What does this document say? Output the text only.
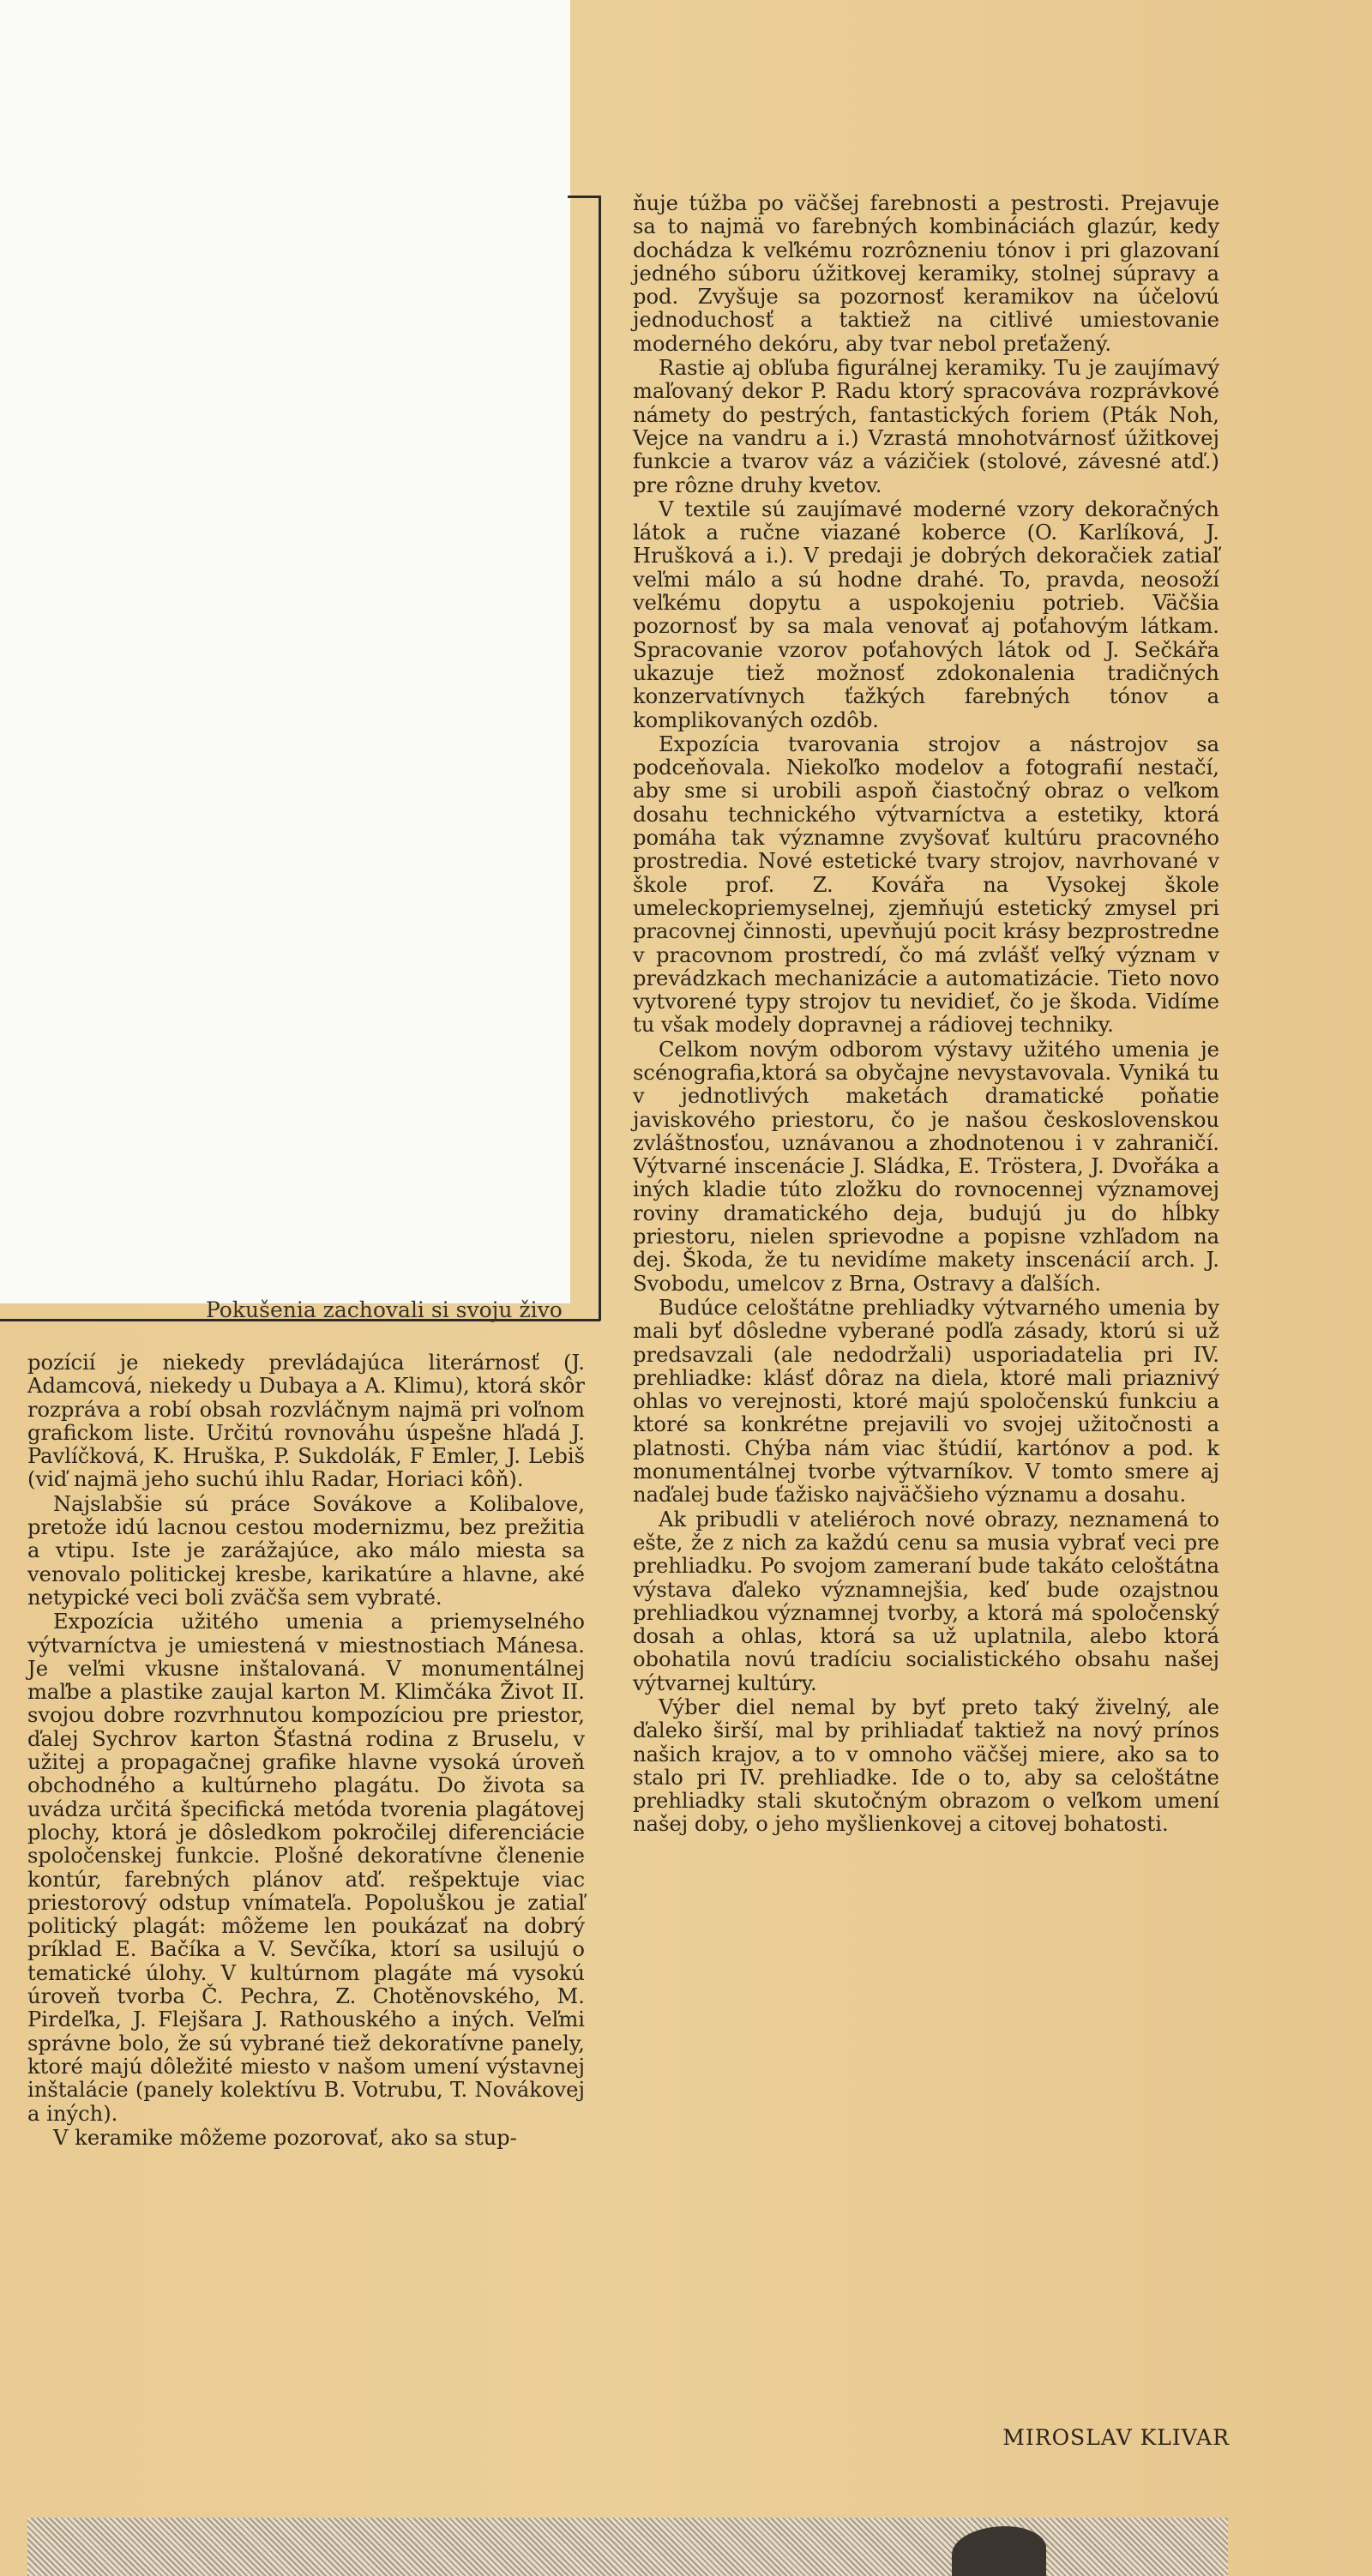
Pokušenia zachovali si svoju živo

pozícií je niekedy prevládajúca literárnosť (J. Adamcová, niekedy u Dubaya a A. Klimu), ktorá skôr rozpráva a robí obsah rozvláčnym najmä pri voľnom grafickom liste. Určitú rovnováhu úspešne hľadá J. Pavlíčková, K. Hruška, P. Sukdolák, F Emler, J. Lebiš (viď najmä jeho suchú ihlu Radar, Horiaci kôň).

Najslabšie sú práce Sovákove a Kolibalove, pretože idú lacnou cestou modernizmu, bez prežitia a vtipu. Iste je zarážajúce, ako málo miesta sa venovalo politickej kresbe, karikatúre a hlavne, aké netypické veci boli zväčša sem vybraté.

Expozícia užitého umenia a priemyselného výtvarníctva je umiestená v miestnostiach Mánesa. Je veľmi vkusne inštalovaná. V monumentálnej maľbe a plastike zaujal karton M. Klimčáka Život II. svojou dobre rozvrhnutou kompozíciou pre priestor, ďalej Sychrov karton Šťastná rodina z Bruselu, v užitej a propagačnej grafike hlavne vysoká úroveň obchodného a kultúrneho plagátu. Do života sa uvádza určitá špecifická metóda tvorenia plagátovej plochy, ktorá je dôsledkom pokročilej diferenciácie spoločenskej funkcie. Plošné dekoratívne členenie kontúr, farebných plánov atď. rešpektuje viac priestorový odstup vnímateľa. Popoluškou je zatiaľ politický plagát: môžeme len poukázať na dobrý príklad E. Bačíka a V. Sevčíka, ktorí sa usilujú o tematické úlohy. V kultúrnom plagáte má vysokú úroveň tvorba Č. Pechra, Z. Chotěnovského, M. Pirdeľka, J. Flejšara J. Rathouského a iných. Veľmi správne bolo, že sú vybrané tiež dekoratívne panely, ktoré majú dôležité miesto v našom umení výstavnej inštalácie (panely kolektívu B. Votrubu, T. Novákovej a iných).

V keramike môžeme pozorovať, ako sa stup-

ňuje túžba po väčšej farebnosti a pestrosti. Prejavuje sa to najmä vo farebných kombináciách glazúr, kedy dochádza k veľkému rozrôzneniu tónov i pri glazovaní jedného súboru úžitkovej keramiky, stolnej súpravy a pod. Zvyšuje sa pozornosť keramikov na účelovú jednoduchosť a taktiež na citlivé umiestovanie moderného dekóru, aby tvar nebol preťažený.

Rastie aj obľuba figurálnej keramiky. Tu je zaujímavý maľovaný dekor P. Radu ktorý spracováva rozprávkové námety do pestrých, fantastických foriem (Pták Noh, Vejce na vandru a i.) Vzrastá mnohotvárnosť úžitkovej funkcie a tvarov váz a vázičiek (stolové, závesné atď.) pre rôzne druhy kvetov.

V textile sú zaujímavé moderné vzory dekoračných látok a ručne viazané koberce (O. Karlíková, J. Hrušková a i.). V predaji je dobrých dekoračiek zatiaľ veľmi málo a sú hodne drahé. To, pravda, neosoží veľkému dopytu a uspokojeniu potrieb. Väčšia pozornosť by sa mala venovať aj poťahovým látkam. Spracovanie vzorov poťahových látok od J. Sečkářa ukazuje tiež možnosť zdokonalenia tradičných konzervatívnych ťažkých farebných tónov a komplikovaných ozdôb.

Expozícia tvarovania strojov a nástrojov sa podceňovala. Niekoľko modelov a fotografií nestačí, aby sme si urobili aspoň čiastočný obraz o veľkom dosahu technického výtvarníctva a estetiky, ktorá pomáha tak významne zvyšovať kultúru pracovného prostredia. Nové estetické tvary strojov, navrhované v škole prof. Z. Kovářa na Vysokej škole umeleckopriemyselnej, zjemňujú estetický zmysel pri pracovnej činnosti, upevňujú pocit krásy bezprostredne v pracovnom prostredí, čo má zvlášť veľký význam v prevádzkach mechanizácie a automatizácie. Tieto novo vytvorené typy strojov tu nevidieť, čo je škoda. Vidíme tu však modely dopravnej a rádiovej techniky.

Celkom novým odborom výstavy užitého umenia je scénografia,ktorá sa obyčajne nevystavovala. Vyniká tu v jednotlivých maketách dramatické poňatie javiskového priestoru, čo je našou československou zvláštnosťou, uznávanou a zhodnotenou i v zahraničí. Výtvarné inscenácie J. Sládka, E. Tröstera, J. Dvořáka a iných kladie túto zložku do rovnocennej významovej roviny dramatického deja, budujú ju do hĺbky priestoru, nielen sprievodne a popisne vzhľadom na dej. Škoda, že tu nevidíme makety inscenácií arch. J. Svobodu, umelcov z Brna, Ostravy a ďalších.

Budúce celoštátne prehliadky výtvarného umenia by mali byť dôsledne vyberané podľa zásady, ktorú si už predsavzali (ale nedodržali) usporiadatelia pri IV. prehliadke: klásť dôraz na diela, ktoré mali priaznivý ohlas vo verejnosti, ktoré majú spoločenskú funkciu a ktoré sa konkrétne prejavili vo svojej užitočnosti a platnosti. Chýba nám viac štúdií, kartónov a pod. k monumentálnej tvorbe výtvarníkov. V tomto smere aj naďalej bude ťažisko najväčšieho významu a dosahu.

Ak pribudli v ateliéroch nové obrazy, neznamená to ešte, že z nich za každú cenu sa musia vybrať veci pre prehliadku. Po svojom zameraní bude takáto celoštátna výstava ďaleko významnejšia, keď bude ozajstnou prehliadkou významnej tvorby, a ktorá má spoločenský dosah a ohlas, ktorá sa už uplatnila, alebo ktorá obohatila novú tradíciu socialistického obsahu našej výtvarnej kultúry.

Výber diel nemal by byť preto taký živelný, ale ďaleko širší, mal by prihliadať taktiež na nový prínos našich krajov, a to v omnoho väčšej miere, ako sa to stalo pri IV. prehliadke. Ide o to, aby sa celoštátne prehliadky stali skutočným obrazom o veľkom umení našej doby, o jeho myšlienkovej a citovej bohatosti.

MIROSLAV KLIVAR
